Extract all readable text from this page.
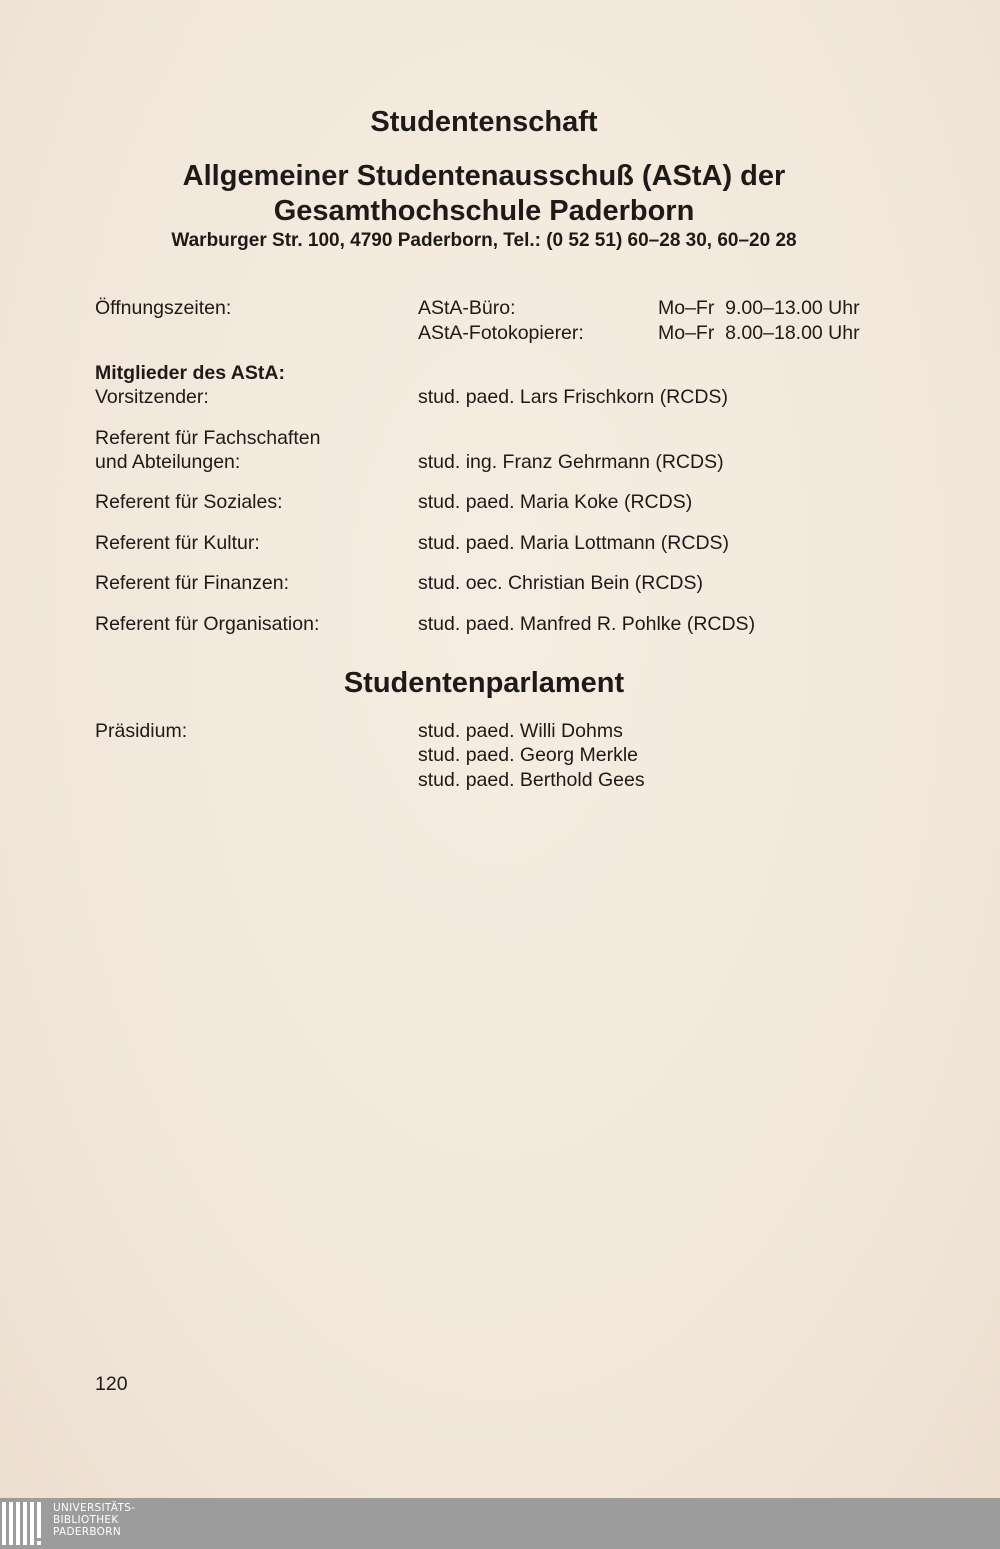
Studentenschaft
Allgemeiner Studentenausschuß (AStA) der
Gesamthochschule Paderborn
Warburger Str. 100, 4790 Paderborn, Tel.: (0 52 51) 60–28 30, 60–20 28
Öffnungszeiten:	AStA-Büro:	Mo–Fr  9.00–13.00 Uhr
AStA-Fotokopierer:	Mo–Fr  8.00–18.00 Uhr
Mitglieder des AStA:
Vorsitzender:	stud. paed. Lars Frischkorn (RCDS)
Referent für Fachschaften
und Abteilungen:	stud. ing. Franz Gehrmann (RCDS)
Referent für Soziales:	stud. paed. Maria Koke (RCDS)
Referent für Kultur:	stud. paed. Maria Lottmann (RCDS)
Referent für Finanzen:	stud. oec. Christian Bein (RCDS)
Referent für Organisation:	stud. paed. Manfred R. Pohlke (RCDS)
Studentenparlament
Präsidium:	stud. paed. Willi Dohms
stud. paed. Georg Merkle
stud. paed. Berthold Gees
120
UNIVERSITÄTS-
BIBLIOTHEK
PADERBORN
